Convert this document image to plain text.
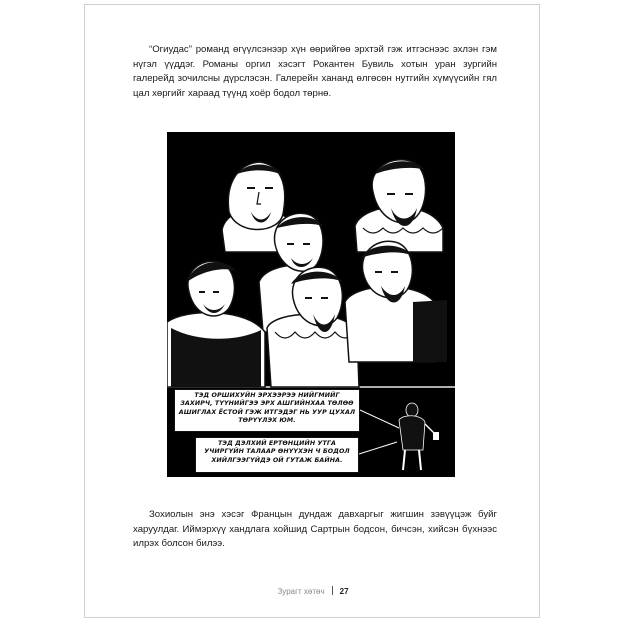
“Огиудас” романд өгүүлсэнээр хүн өөрийгөө эрхтэй гэж итгэснээс эхлэн гэм нүгэл үүддэг. Романы оргил хэсэгт Рокантен Бувиль хотын уран зургийн галерейд зочилсны дүрслэсэн. Галерейн хананд өлгөсөн нутгийн хүмүүсийн гял цал хөргийг хараад түүнд хоёр бодол төрнө.

ТЭД ОРШИХУЙН ЭРХЭЭРЭЭ НИЙГМИЙГ ЗАХИРЧ, ТҮҮНИЙГЭЭ ЭРХ АШГИЙНХАА ТӨЛӨӨ АШИГЛАХ ЁСТОЙ ГЭЖ ИТГЭДЭГ НЬ УУР ЦУХАЛ ТӨРҮҮЛЭХ ЮМ.
ТЭД ДЭЛХИЙ ЕРТӨНЦИЙН УТГА УЧИРГҮЙН ТАЛААР ӨНҮҮХЭН Ч БОДОЛ ХИЙЛГЭЭГҮЙДЭ ОЙ ГУТАЖ БАЙНА.

Зохиолын энэ хэсэг Франц​ын дундаж давхаргыг жигшин зэвүүцэж буйг харуулдаг. Иймэрхүү хандлага хойшид Сартрын бодсон, бичсэн, хийсэн бүхнээс илрэх болсон билээ.

Зурагт хөтөч 27
